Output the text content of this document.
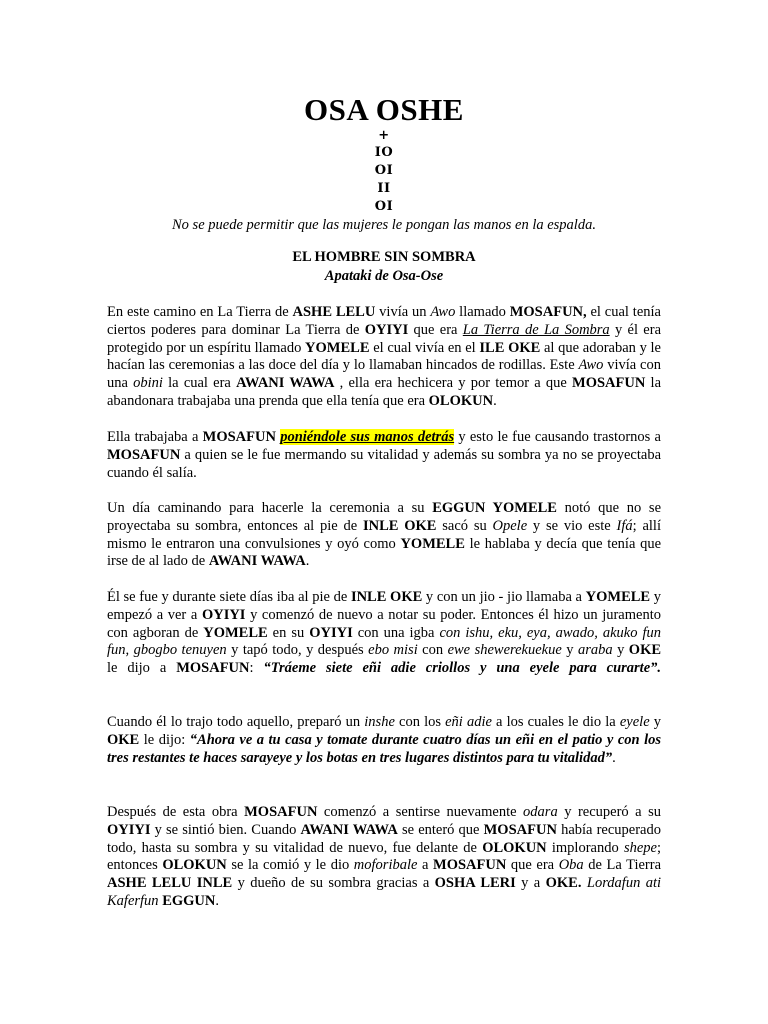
OSA OSHE
+
IO
OI
II
OI
No se puede permitir que las mujeres le pongan las manos en la espalda.
EL HOMBRE SIN SOMBRA
Apataki de Osa-Ose

En este camino en La Tierra de ASHE LELU vivía un Awo llamado MOSAFUN, el cual tenía ciertos poderes para dominar La Tierra de OYIYI que era La Tierra de La Sombra y él era protegido por un espíritu llamado YOMELE el cual vivía en el ILE OKE al que adoraban y le hacían las ceremonias a las doce del día y lo llamaban hincados de rodillas. Este Awo vivía con una obini la cual era AWANI WAWA , ella era hechicera y por temor a que MOSAFUN la abandonara trabajaba una prenda que ella tenía que era OLOKUN.

Ella trabajaba a MOSAFUN poniéndole sus manos detrás y esto le fue causando trastornos a MOSAFUN a quien se le fue mermando su vitalidad y además su sombra ya no se proyectaba cuando él salía.

Un día caminando para hacerle la ceremonia a su EGGUN YOMELE notó que no se proyectaba su sombra, entonces al pie de INLE OKE sacó su Opele y se vio este Ifá; allí mismo le entraron una convulsiones y oyó como YOMELE le hablaba y decía que tenía que irse de al lado de AWANI WAWA.

Él se fue y durante siete días iba al pie de INLE OKE y con un jio - jio llamaba a YOMELE y empezó a ver a OYIYI y comenzó de nuevo a notar su poder. Entonces él hizo un juramento con agboran de YOMELE en su OYIYI con una igba con ishu, eku, eya, awado, akuko fun fun, gbogbo tenuyen y tapó todo, y después ebo misi con ewe shewerekuekue y araba y OKE le dijo a MOSAFUN: “Tráeme siete eñi adie criollos y una eyele para curarte”.

Cuando él lo trajo todo aquello, preparó un inshe con los eñi adie a los cuales le dio la eyele y OKE le dijo: “Ahora ve a tu casa y tomate durante cuatro días un eñi en el patio y con los tres restantes te haces sarayeye y los botas en tres lugares distintos para tu vitalidad”.

Después de esta obra MOSAFUN comenzó a sentirse nuevamente odara y recuperó a su OYIYI y se sintió bien. Cuando AWANI WAWA se enteró que MOSAFUN había recuperado todo, hasta su sombra y su vitalidad de nuevo, fue delante de OLOKUN implorando shepe; entonces OLOKUN se la comió y le dio moforibale a MOSAFUN que era Oba de La Tierra ASHE LELU INLE y dueño de su sombra gracias a OSHA LERI y a OKE. Lordafun ati Kaferfun EGGUN.
